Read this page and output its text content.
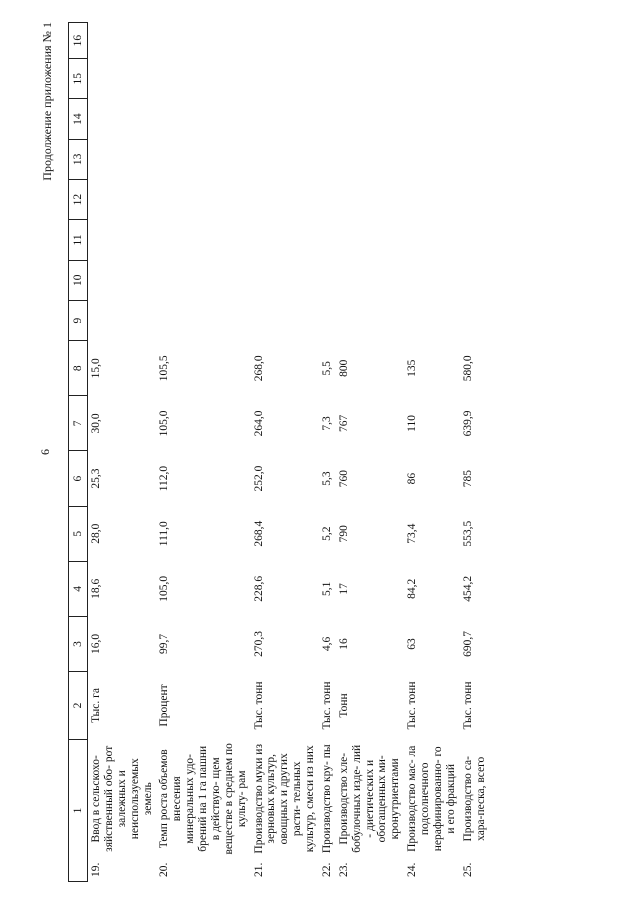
6
Продолжение приложения № 1
1		2	3	4	5	6	7	8	9	10	11	12	13	14	15	16
19.	Ввод в сельскохо- зяйственный обо- рот залежных и неиспользуемых земель	Тыс. га	16,0	18,6	28,0	25,3	30,0	15,0								
20.	Темп роста объемов внесения минеральных удо- брений на 1 га пашни в действую- щем веществе в среднем по культу- рам	Процент	99,7	105,0	111,0	112,0	105,0	105,5								
21.	Производство муки из зерновых культур, овощных и других расти- тельных культур, смеси из них	Тыс. тонн	270,3	228,6	268,4	252,0	264,0	268,0								
22.	Производство кру- пы	Тыс. тонн	4,6	5,1	5,2	5,3	7,3	5,5								
23.	Производство хле- бобулочных изде- лий - диетических и обогащенных ми- кронутриентами	Тонн	16	17	790	760	767	800								
24.	Производство мас- ла подсолнечного нерафинированно- го и его фракций	Тыс. тонн	63	84,2	73,4	86	110	135								
25.	Производство са- хара-песка, всего	Тыс. тонн	690,7	454,2	553,5	785	639,9	580,0								
